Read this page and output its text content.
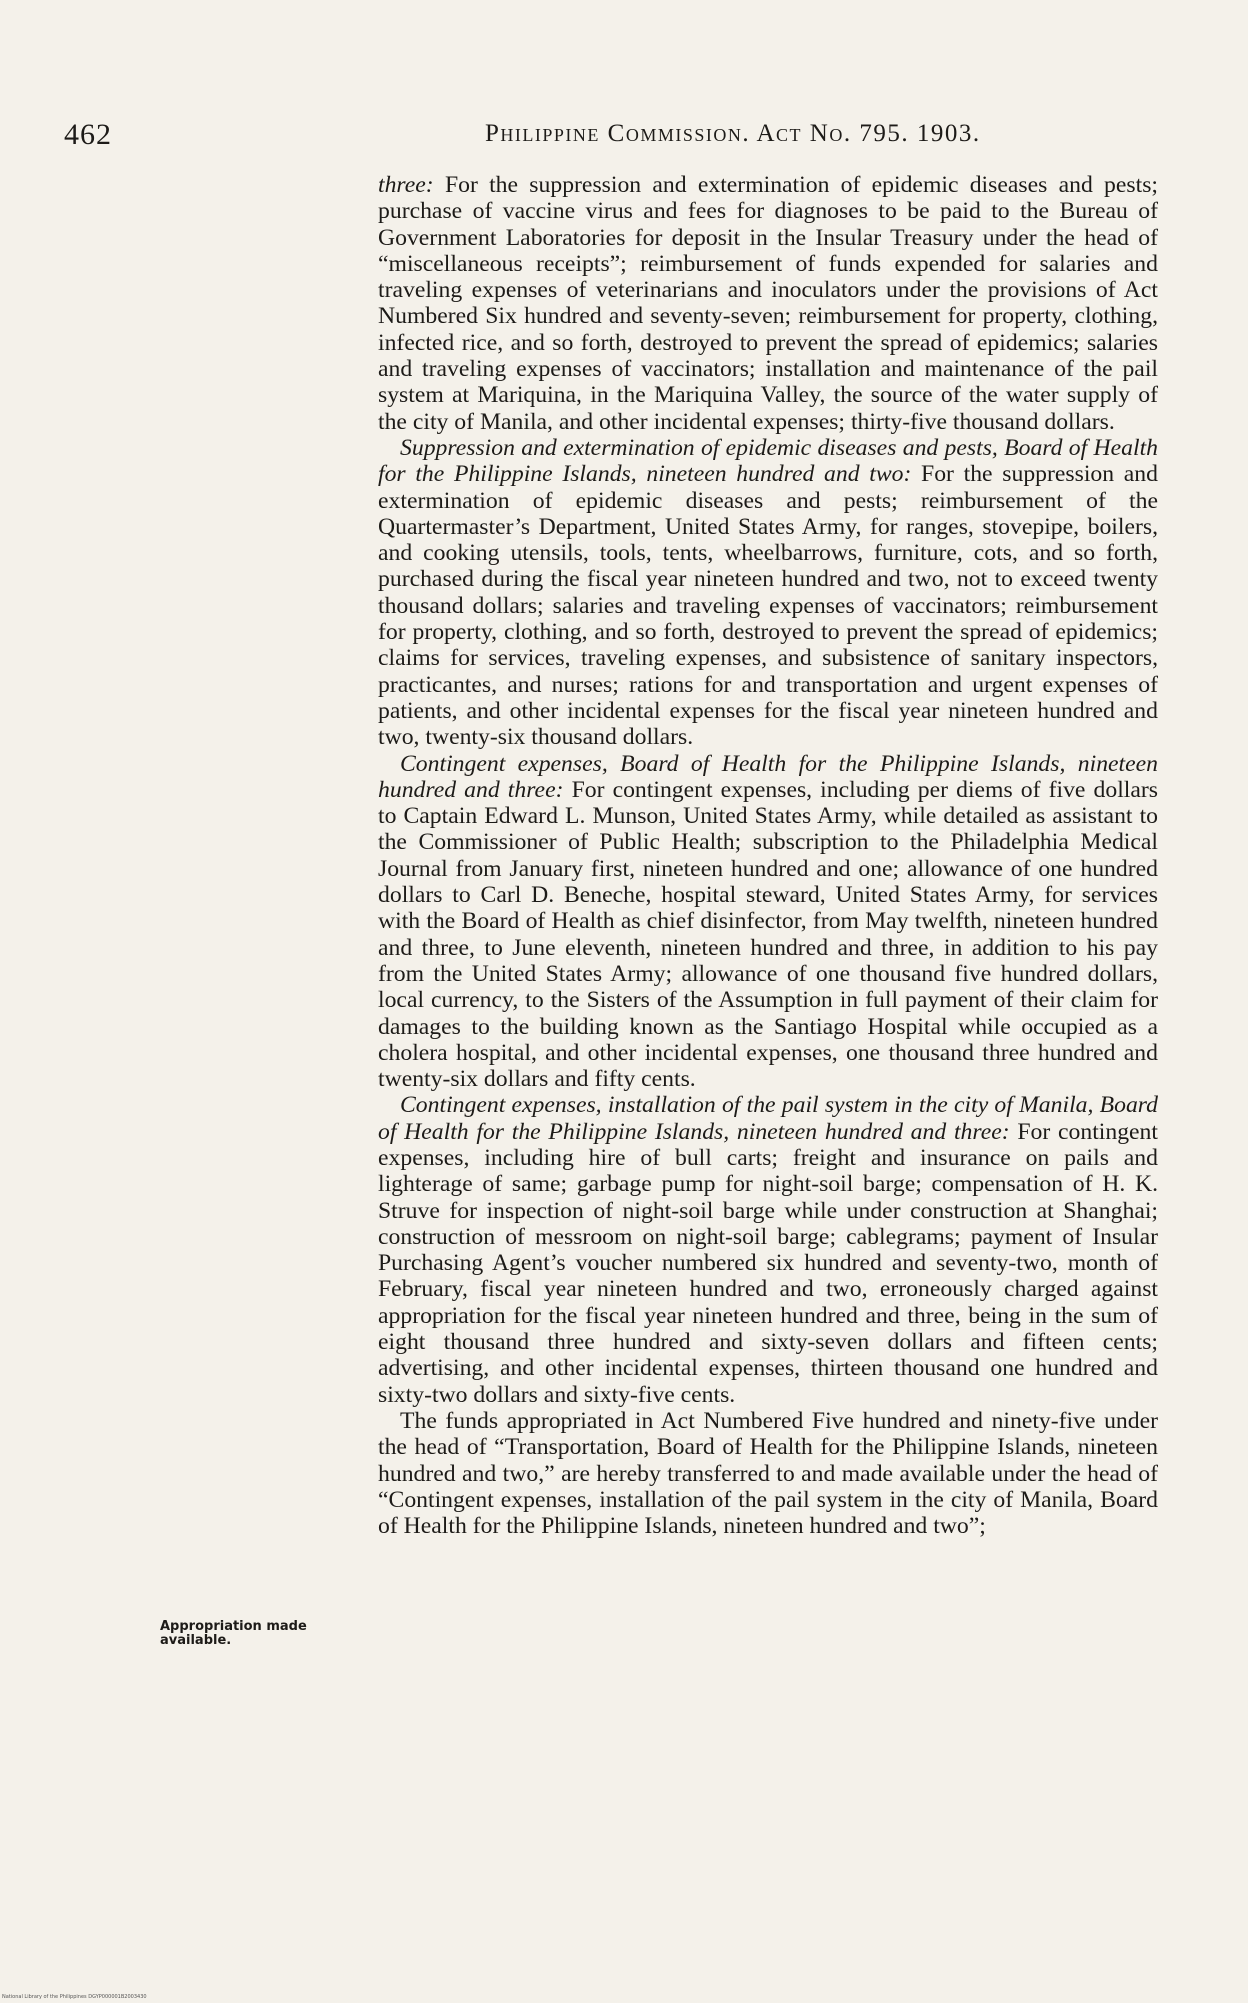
462	Philippine Commission. Act No. 795. 1903.

three: For the suppression and extermination of epidemic diseases and pests; purchase of vaccine virus and fees for diagnoses to be paid to the Bureau of Government Laboratories for deposit in the Insular Treasury under the head of “miscellaneous receipts”; reimbursement of funds expended for salaries and traveling expenses of veterinarians and inoculators under the provisions of Act Numbered Six hundred and seventy-seven; reimbursement for property, clothing, infected rice, and so forth, destroyed to prevent the spread of epidemics; salaries and traveling expenses of vaccinators; installation and maintenance of the pail system at Mariquina, in the Mariquina Valley, the source of the water supply of the city of Manila, and other incidental expenses; thirty-five thousand dollars.

Suppression and extermination of epidemic diseases and pests, Board of Health for the Philippine Islands, nineteen hundred and two: For the suppression and extermination of epidemic diseases and pests; reimbursement of the Quartermaster’s Department, United States Army, for ranges, stovepipe, boilers, and cooking utensils, tools, tents, wheelbarrows, furniture, cots, and so forth, purchased during the fiscal year nineteen hundred and two, not to exceed twenty thousand dollars; salaries and traveling expenses of vaccinators; reimbursement for property, clothing, and so forth, destroyed to prevent the spread of epidemics; claims for services, traveling expenses, and subsistence of sanitary inspectors, practicantes, and nurses; rations for and transportation and urgent expenses of patients, and other incidental expenses for the fiscal year nineteen hundred and two, twenty-six thousand dollars.

Contingent expenses, Board of Health for the Philippine Islands, nineteen hundred and three: For contingent expenses, including per diems of five dollars to Captain Edward L. Munson, United States Army, while detailed as assistant to the Commissioner of Public Health; subscription to the Philadelphia Medical Journal from January first, nineteen hundred and one; allowance of one hundred dollars to Carl D. Beneche, hospital steward, United States Army, for services with the Board of Health as chief disinfector, from May twelfth, nineteen hundred and three, to June eleventh, nineteen hundred and three, in addition to his pay from the United States Army; allowance of one thousand five hundred dollars, local currency, to the Sisters of the Assumption in full payment of their claim for damages to the building known as the Santiago Hospital while occupied as a cholera hospital, and other incidental expenses, one thousand three hundred and twenty-six dollars and fifty cents.

Contingent expenses, installation of the pail system in the city of Manila, Board of Health for the Philippine Islands, nineteen hundred and three: For contingent expenses, including hire of bull carts; freight and insurance on pails and lighterage of same; garbage pump for night-soil barge; compensation of H. K. Struve for inspection of night-soil barge while under construction at Shanghai; construction of messroom on night-soil barge; cablegrams; payment of Insular Purchasing Agent’s voucher numbered six hundred and seventy-two, month of February, fiscal year nineteen hundred and two, erroneously charged against appropriation for the fiscal year nineteen hundred and three, being in the sum of eight thousand three hundred and sixty-seven dollars and fifteen cents; advertising, and other incidental expenses, thirteen thousand one hundred and sixty-two dollars and sixty-five cents.

The funds appropriated in Act Numbered Five hundred and ninety-five under the head of “Transportation, Board of Health for the Philippine Islands, nineteen hundred and two,” are hereby transferred to and made available under the head of “Contingent expenses, installation of the pail system in the city of Manila, Board of Health for the Philippine Islands, nineteen hundred and two”;

Appropriation made available.
National Library of the Philippines DGYP000001B2003430
